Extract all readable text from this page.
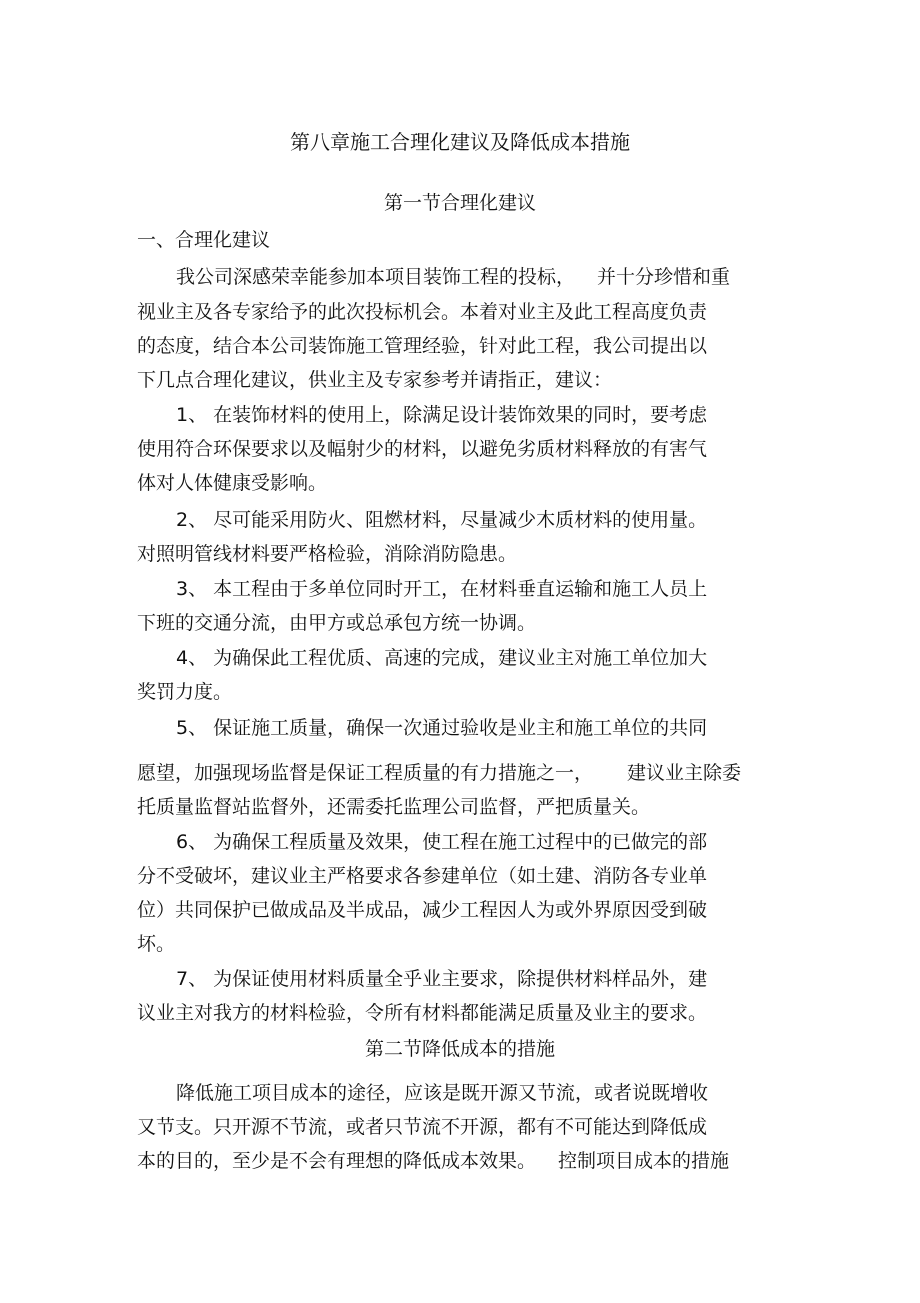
第八章施工合理化建议及降低成本措施

第一节合理化建议

一、合理化建议

我公司深感荣幸能参加本项目装饰工程的投标， 并十分珍惜和重

视业主及各专家给予的此次投标机会。本着对业主及此工程高度负责

的态度，结合本公司装饰施工管理经验，针对此工程，我公司提出以

下几点合理化建议，供业主及专家参考并请指正，建议：

1、 在装饰材料的使用上，除满足设计装饰效果的同时，要考虑

使用符合环保要求以及幅射少的材料，以避免劣质材料释放的有害气

体对人体健康受影响。

2、 尽可能采用防火、阻燃材料，尽量减少木质材料的使用量。

对照明管线材料要严格检验，消除消防隐患。

3、 本工程由于多单位同时开工，在材料垂直运输和施工人员上

下班的交通分流，由甲方或总承包方统一协调。

4、 为确保此工程优质、高速的完成，建议业主对施工单位加大

奖罚力度。

5、 保证施工质量，确保一次通过验收是业主和施工单位的共同

愿望，加强现场监督是保证工程质量的有力措施之一， 建议业主除委

托质量监督站监督外，还需委托监理公司监督，严把质量关。

6、 为确保工程质量及效果，使工程在施工过程中的已做完的部

分不受破坏，建议业主严格要求各参建单位（如土建、消防各专业单

位）共同保护已做成品及半成品，减少工程因人为或外界原因受到破

坏。

7、 为保证使用材料质量全乎业主要求，除提供材料样品外，建

议业主对我方的材料检验，令所有材料都能满足质量及业主的要求。

第二节降低成本的措施

降低施工项目成本的途径，应该是既开源又节流，或者说既增收

又节支。只开源不节流，或者只节流不开源，都有不可能达到降低成

本的目的，至少是不会有理想的降低成本效果。 控制项目成本的措施
